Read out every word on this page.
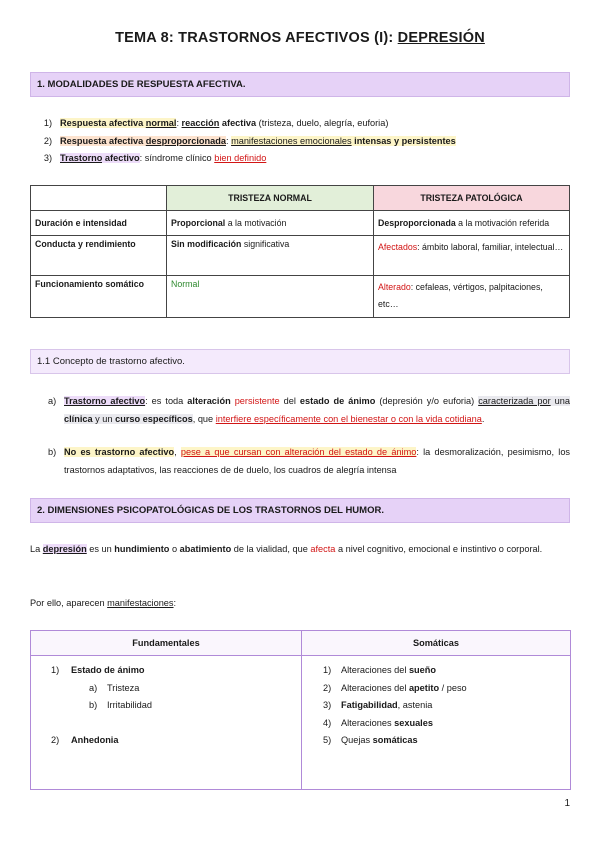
TEMA 8: TRASTORNOS AFECTIVOS (I): DEPRESIÓN
1. MODALIDADES DE RESPUESTA AFECTIVA.
1) Respuesta afectiva normal: reacción afectiva (tristeza, duelo, alegría, euforia)
2) Respuesta afectiva desproporcionada: manifestaciones emocionales intensas y persistentes
3) Trastorno afectivo: síndrome clínico bien definido
	TRISTEZA NORMAL	TRISTEZA PATOLÓGICA
Duración e intensidad	Proporcional a la motivación	Desproporcionada a la motivación referida
Conducta y rendimiento	Sin modificación significativa	Afectados: ámbito laboral, familiar, intelectual…
Funcionamiento somático	Normal	Alterado: cefaleas, vértigos, palpitaciones, etc…
1.1 Concepto de trastorno afectivo.
a) Trastorno afectivo: es toda alteración persistente del estado de ánimo (depresión y/o euforia) caracterizada por una clínica y un curso específicos, que interfiere específicamente con el bienestar o con la vida cotidiana.
b) No es trastorno afectivo, pese a que cursan con alteración del estado de ánimo: la desmoralización, pesimismo, los trastornos adaptativos, las reacciones de de duelo, los cuadros de alegría intensa
2. DIMENSIONES PSICOPATOLÓGICAS DE LOS TRASTORNOS DEL HUMOR.
La depresión es un hundimiento o abatimiento de la vialidad, que afecta a nivel cognitivo, emocional e instintivo o corporal.
Por ello, aparecen manifestaciones:
Fundamentales	Somáticas
1) Estado de ánimo
a) Tristeza
b) Irritabilidad
2) Anhedonia
1) Alteraciones del sueño
2) Alteraciones del apetito / peso
3) Fatigabilidad, astenia
4) Alteraciones sexuales
5) Quejas somáticas
1
